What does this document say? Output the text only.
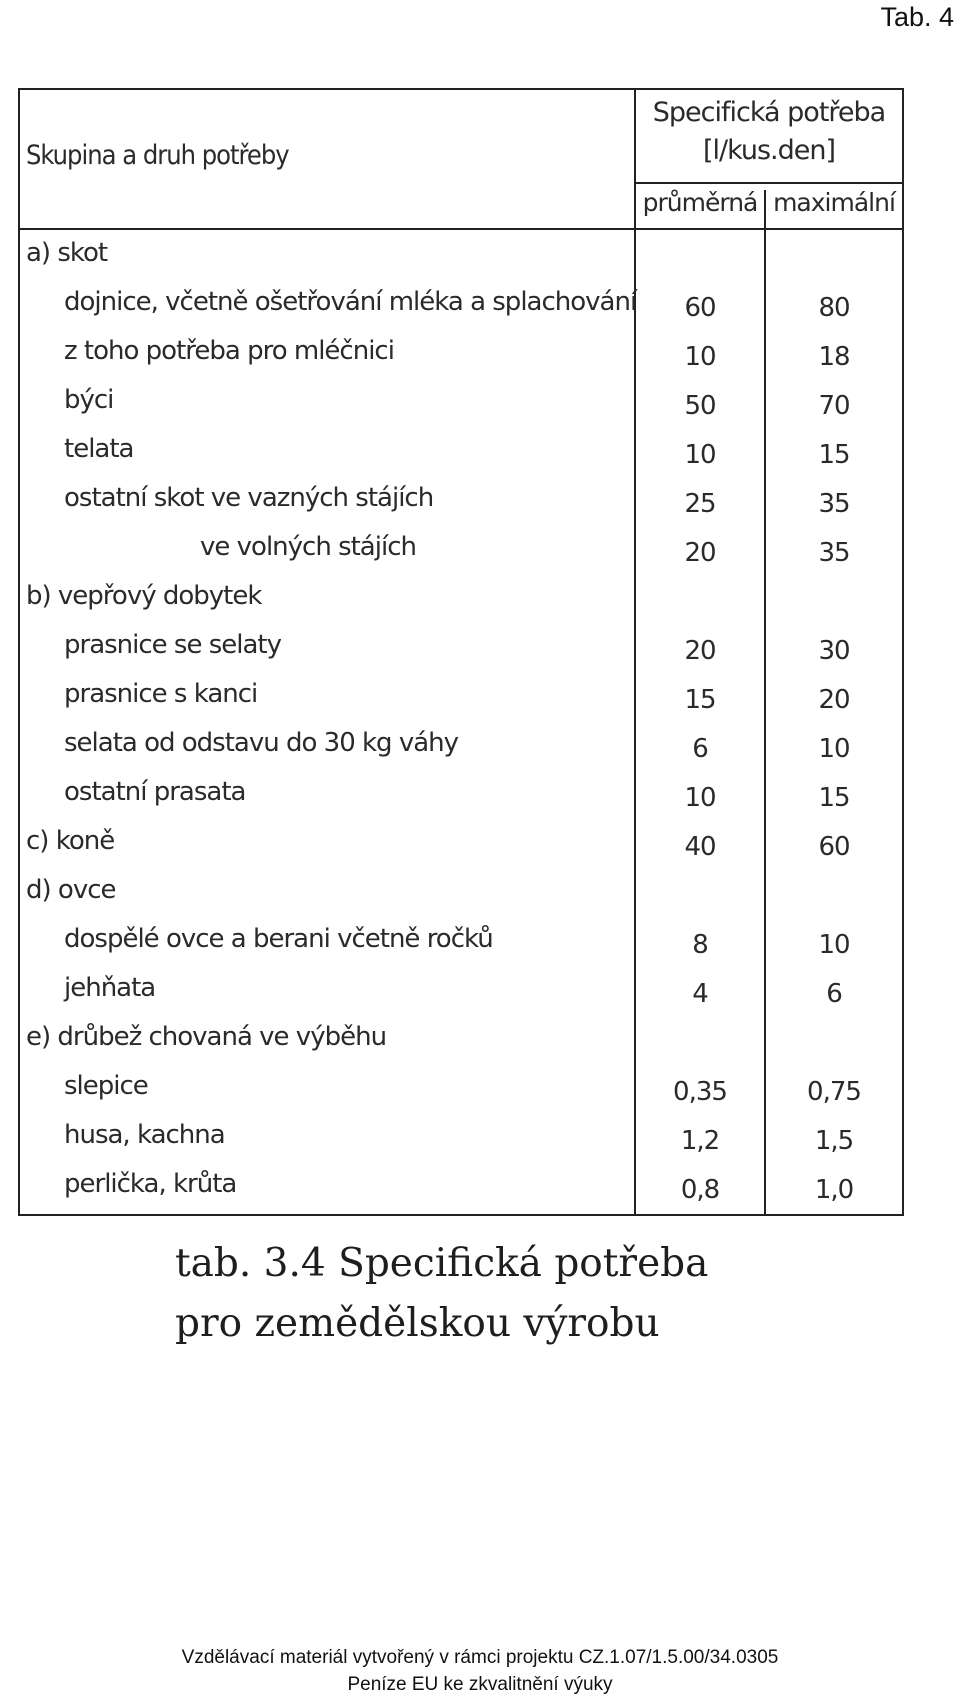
Tab. 4
Skupina a druh potřeby
Specifická potřeba
[l/kus.den]
průměrná maximální
a) skot
dojnice, včetně ošetřování mléka a splachování	60	80
z toho potřeba pro mléčnici	10	18
býci	50	70
telata	10	15
ostatní skot ve vazných stájích	25	35
ve volných stájích	20	35
b) vepřový dobytek
prasnice se selaty	20	30
prasnice s kanci	15	20
selata od odstavu do 30 kg váhy	6	10
ostatní prasata	10	15
c) koně	40	60
d) ovce
dospělé ovce a berani včetně ročků	8	10
jehňata	4	6
e) drůbež chovaná ve výběhu
slepice	0,35	0,75
husa, kachna	1,2	1,5
perlička, krůta	0,8	1,0
tab. 3.4 Specifická potřeba
pro zemědělskou výrobu
Vzdělávací materiál vytvořený v rámci projektu CZ.1.07/1.5.00/34.0305
Peníze EU ke zkvalitnění výuky
